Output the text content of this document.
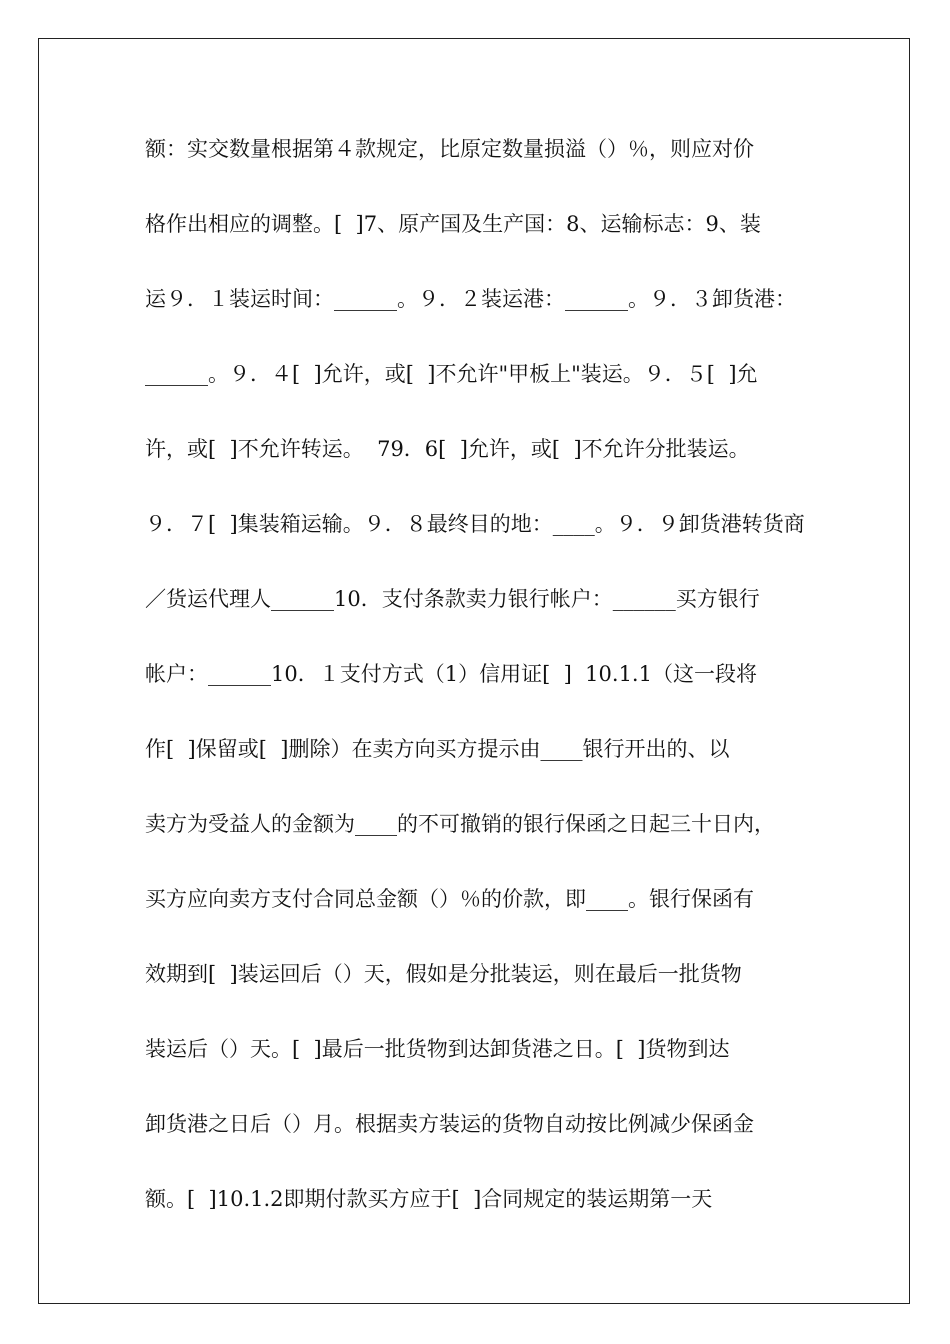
额：实交数量根据第４款规定，比原定数量损溢（）％，则应对价
格作出相应的调整。[  ]7、原产国及生产国：8、运输标志：9、装
运９．１装运时间：______。９．２装运港：______。９．３卸货港：
______。９．４[  ]允许，或[  ]不允许"甲板上"装运。９．５[  ]允
许，或[  ]不允许转运。  79．6[  ]允许，或[  ]不允许分批装运。
９．７[  ]集装箱运输。９．８最终目的地：____。９．９卸货港转货商
／货运代理人______10．支付条款卖力银行帐户：______买方银行
帐户：______10．１支付方式（1）信用证[  ]  10.1.1（这一段将
作[  ]保留或[  ]删除）在卖方向买方提示由____银行开出的、以
卖方为受益人的金额为____的不可撤销的银行保函之日起三十日内，
买方应向卖方支付合同总金额（）％的价款，即____。银行保函有
效期到[  ]装运回后（）天，假如是分批装运，则在最后一批货物
装运后（）天。[  ]最后一批货物到达卸货港之日。[  ]货物到达
卸货港之日后（）月。根据卖方装运的货物自动按比例减少保函金
额。[  ]10.1.2即期付款买方应于[  ]合同规定的装运期第一天
